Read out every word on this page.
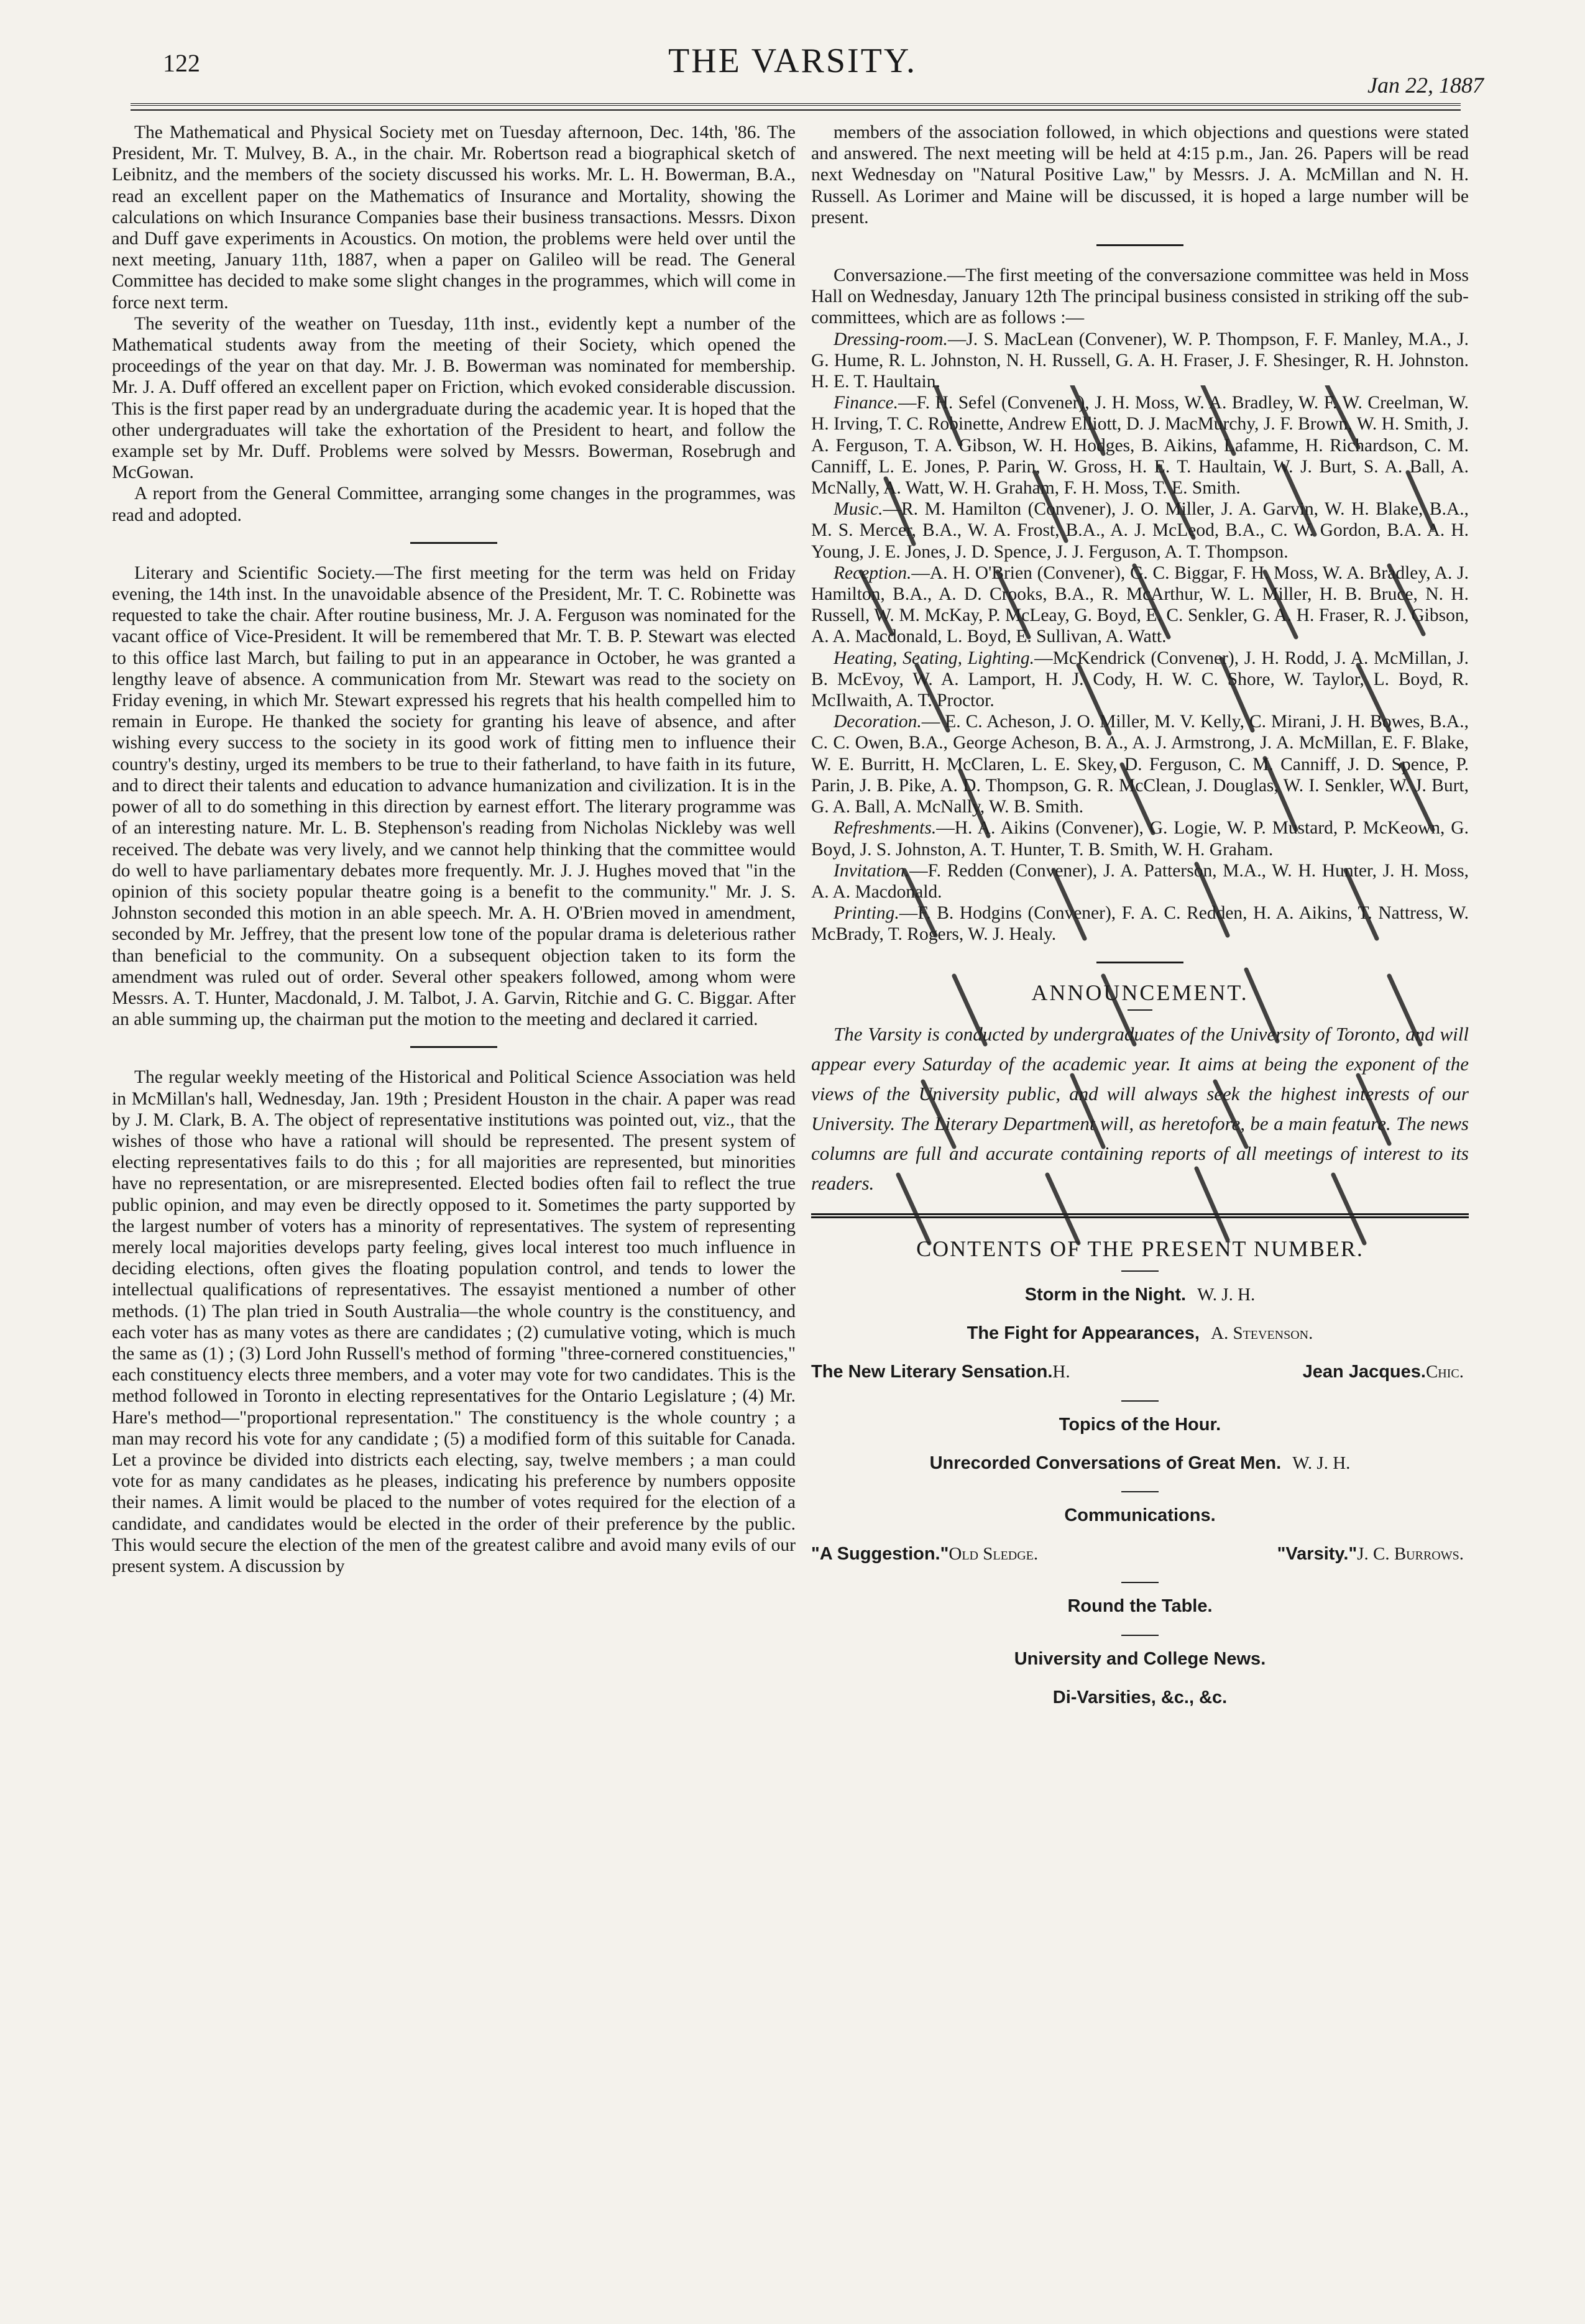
122	THE VARSITY.
Jan 22, 1887

The Mathematical and Physical Society met on Tuesday afternoon, Dec. 14th, '86. The President, Mr. T. Mulvey, B. A., in the chair. Mr. Robertson read a biographical sketch of Leibnitz, and the members of the society discussed his works. Mr. L. H. Bowerman, B.A., read an excellent paper on the Mathematics of Insurance and Mortality, showing the calculations on which Insurance Companies base their business transactions. Messrs. Dixon and Duff gave experiments in Acoustics. On motion, the problems were held over until the next meeting, January 11th, 1887, when a paper on Galileo will be read. The General Committee has decided to make some slight changes in the programmes, which will come in force next term.

The severity of the weather on Tuesday, 11th inst., evidently kept a number of the Mathematical students away from the meeting of their Society, which opened the proceedings of the year on that day. Mr. J. B. Bowerman was nominated for membership. Mr. J. A. Duff offered an excellent paper on Friction, which evoked considerable discussion. This is the first paper read by an undergraduate during the academic year. It is hoped that the other undergraduates will take the exhortation of the President to heart, and follow the example set by Mr. Duff. Problems were solved by Messrs. Bowerman, Rosebrugh and McGowan.

A report from the General Committee, arranging some changes in the programmes, was read and adopted.

Literary and Scientific Society.—The first meeting for the term was held on Friday evening, the 14th inst. In the unavoidable absence of the President, Mr. T. C. Robinette was requested to take the chair. After routine business, Mr. J. A. Ferguson was nominated for the vacant office of Vice-President. It will be remembered that Mr. T. B. P. Stewart was elected to this office last March, but failing to put in an appearance in October, he was granted a lengthy leave of absence. A communication from Mr. Stewart was read to the society on Friday evening, in which Mr. Stewart expressed his regrets that his health compelled him to remain in Europe. He thanked the society for granting his leave of absence, and after wishing every success to the society in its good work of fitting men to influence their country's destiny, urged its members to be true to their fatherland, to have faith in its future, and to direct their talents and education to advance humanization and civilization. It is in the power of all to do something in this direction by earnest effort. The literary programme was of an interesting nature. Mr. L. B. Stephenson's reading from Nicholas Nickleby was well received. The debate was very lively, and we cannot help thinking that the committee would do well to have parliamentary debates more frequently. Mr. J. J. Hughes moved that "in the opinion of this society popular theatre going is a benefit to the community." Mr. J. S. Johnston seconded this motion in an able speech. Mr. A. H. O'Brien moved in amendment, seconded by Mr. Jeffrey, that the present low tone of the popular drama is deleterious rather than beneficial to the community. On a subsequent objection taken to its form the amendment was ruled out of order. Several other speakers followed, among whom were Messrs. A. T. Hunter, Macdonald, J. M. Talbot, J. A. Garvin, Ritchie and G. C. Biggar. After an able summing up, the chairman put the motion to the meeting and declared it carried.

The regular weekly meeting of the Historical and Political Science Association was held in McMillan's hall, Wednesday, Jan. 19th ; President Houston in the chair. A paper was read by J. M. Clark, B. A. The object of representative institutions was pointed out, viz., that the wishes of those who have a rational will should be represented. The present system of electing representatives fails to do this ; for all majorities are represented, but minorities have no representation, or are misrepresented. Elected bodies often fail to reflect the true public opinion, and may even be directly opposed to it. Sometimes the party supported by the largest number of voters has a minority of representatives. The system of representing merely local majorities develops party feeling, gives local interest too much influence in deciding elections, often gives the floating population control, and tends to lower the intellectual qualifications of representatives. The essayist mentioned a number of other methods. (1) The plan tried in South Australia—the whole country is the constituency, and each voter has as many votes as there are candidates ; (2) cumulative voting, which is much the same as (1) ; (3) Lord John Russell's method of forming "three-cornered constituencies," each constituency elects three members, and a voter may vote for two candidates. This is the method followed in Toronto in electing representatives for the Ontario Legislature ; (4) Mr. Hare's method—"proportional representation." The constituency is the whole country ; a man may record his vote for any candidate ; (5) a modified form of this suitable for Canada. Let a province be divided into districts each electing, say, twelve members ; a man could vote for as many candidates as he pleases, indicating his preference by numbers opposite their names. A limit would be placed to the number of votes required for the election of a candidate, and candidates would be elected in the order of their preference by the public. This would secure the election of the men of the greatest calibre and avoid many evils of our present system. A discussion by

members of the association followed, in which objections and questions were stated and answered. The next meeting will be held at 4:15 p.m., Jan. 26. Papers will be read next Wednesday on "Natural Positive Law," by Messrs. J. A. McMillan and N. H. Russell. As Lorimer and Maine will be discussed, it is hoped a large number will be present.

Conversazione.—The first meeting of the conversazione committee was held in Moss Hall on Wednesday, January 12th The principal business consisted in striking off the sub-committees, which are as follows :—

Dressing-room.—J. S. MacLean (Convener), W. P. Thompson, F. F. Manley, M.A., J. G. Hume, R. L. Johnston, N. H. Russell, G. A. H. Fraser, J. F. Shesinger, R. H. Johnston. H. E. T. Haultain.

Finance.—F. H. Sefel (Convener), J. H. Moss, W. A. Bradley, W. F. W. Creelman, W. H. Irving, T. C. Robinette, Andrew Elliott, D. J. MacMurchy, J. F. Brown, W. H. Smith, J. A. Ferguson, T. A. Gibson, W. H. Hodges, B. Aikins, Lafamme, H. Richardson, C. M. Canniff, L. E. Jones, P. Parin, W. Gross, H. E. T. Haultain, W. J. Burt, S. A. Ball, A. McNally, A. Watt, W. H. Graham, F. H. Moss, T. E. Smith.

Music.—R. M. Hamilton (Convener), J. O. Miller, J. A. Garvin, W. H. Blake, B.A., M. S. Mercer, B.A., W. A. Frost, B.A., A. J. McLeod, B.A., C. W. Gordon, B.A. A. H. Young, J. E. Jones, J. D. Spence, J. J. Ferguson, A. T. Thompson.

Reception.—A. H. O'Brien (Convener), G. C. Biggar, F. H. Moss, W. A. Bradley, A. J. Hamilton, B.A., A. D. Crooks, B.A., R. McArthur, W. L. Miller, H. B. Bruce, N. H. Russell, W. M. McKay, P. McLeay, G. Boyd, E. C. Senkler, G. A. H. Fraser, R. J. Gibson, A. A. Macdonald, L. Boyd, E. Sullivan, A. Watt.

Heating, Seating, Lighting.—McKendrick (Convener), J. H. Rodd, J. A. McMillan, J. B. McEvoy, W. A. Lamport, H. J. Cody, H. W. C. Shore, W. Taylor, L. Boyd, R. McIlwaith, A. T. Proctor.

Decoration.— E. C. Acheson, J. O. Miller, M. V. Kelly, C. Mirani, J. H. Bowes, B.A., C. C. Owen, B.A., George Acheson, B. A., A. J. Armstrong, J. A. McMillan, E. F. Blake, W. E. Burritt, H. McClaren, L. E. Skey, D. Ferguson, C. M. Canniff, J. D. Spence, P. Parin, J. B. Pike, A. D. Thompson, G. R. McClean, J. Douglas, W. I. Senkler, W. J. Burt, G. A. Ball, A. McNally, W. B. Smith.

Refreshments.—H. A. Aikins (Convener), G. Logie, W. P. Mustard, P. McKeown, G. Boyd, J. S. Johnston, A. T. Hunter, T. B. Smith, W. H. Graham.

Invitation.—F. Redden (Convener), J. A. Patterson, M.A., W. H. Hunter, J. H. Moss, A. A. Macdonald.

Printing.—F. B. Hodgins (Convener), F. A. C. Redden, H. A. Aikins, T. Nattress, W. McBrady, T. Rogers, W. J. Healy.

ANNOUNCEMENT.

The Varsity is conducted by undergraduates of the University of Toronto, and will appear every Saturday of the academic year. It aims at being the exponent of the views of the University public, and will always seek the highest interests of our University. The Literary Department will, as heretofore, be a main feature. The news columns are full and accurate containing reports of all meetings of interest to its readers.

CONTENTS OF THE PRESENT NUMBER.
Storm in the Night. W. J. H.
The Fight for Appearances, A. Stevenson.
The New Literary Sensation.H.	Jean Jacques.Chic.
Topics of the Hour.
Unrecorded Conversations of Great Men. W. J. H.
Communications.
"A Suggestion."Old Sledge.	"Varsity."J. C. Burrows.
Round the Table.
University and College News.
Di-Varsities, &c., &c.
